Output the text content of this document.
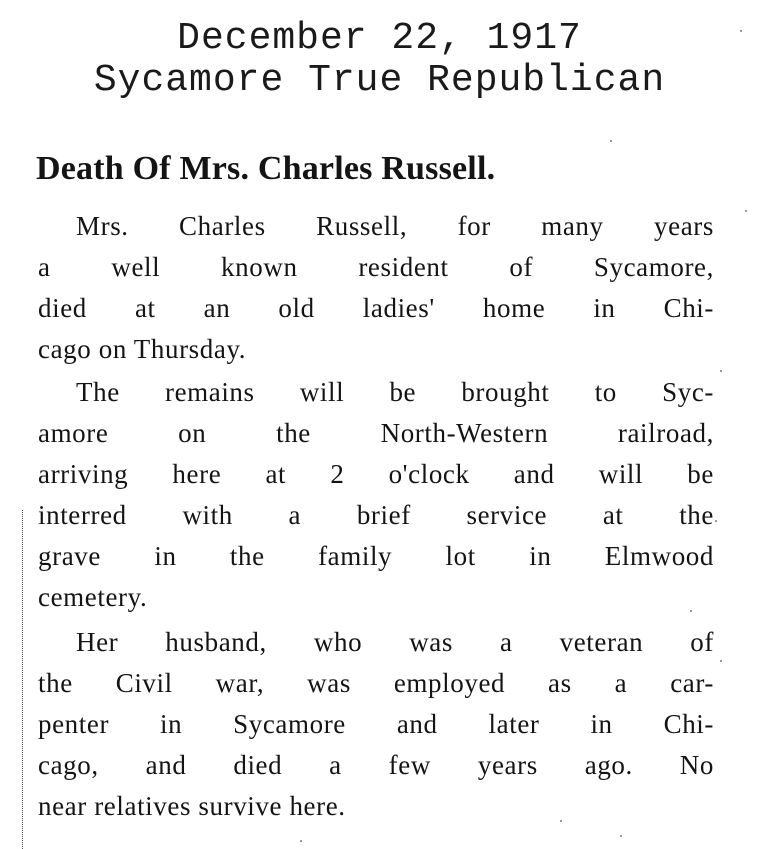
December 22, 1917
Sycamore True Republican
Death Of Mrs. Charles Russell.
Mrs. Charles Russell, for many years
a well known resident of Sycamore,
died at an old ladies' home in Chi-
cago on Thursday.
The remains will be brought to Syc-
amore on the North-Western railroad,
arriving here at 2 o'clock and will be
interred with a brief service at the
grave in the family lot in Elmwood
cemetery.
Her husband, who was a veteran of
the Civil war, was employed as a car-
penter in Sycamore and later in Chi-
cago, and died a few years ago. No
near relatives survive here.
